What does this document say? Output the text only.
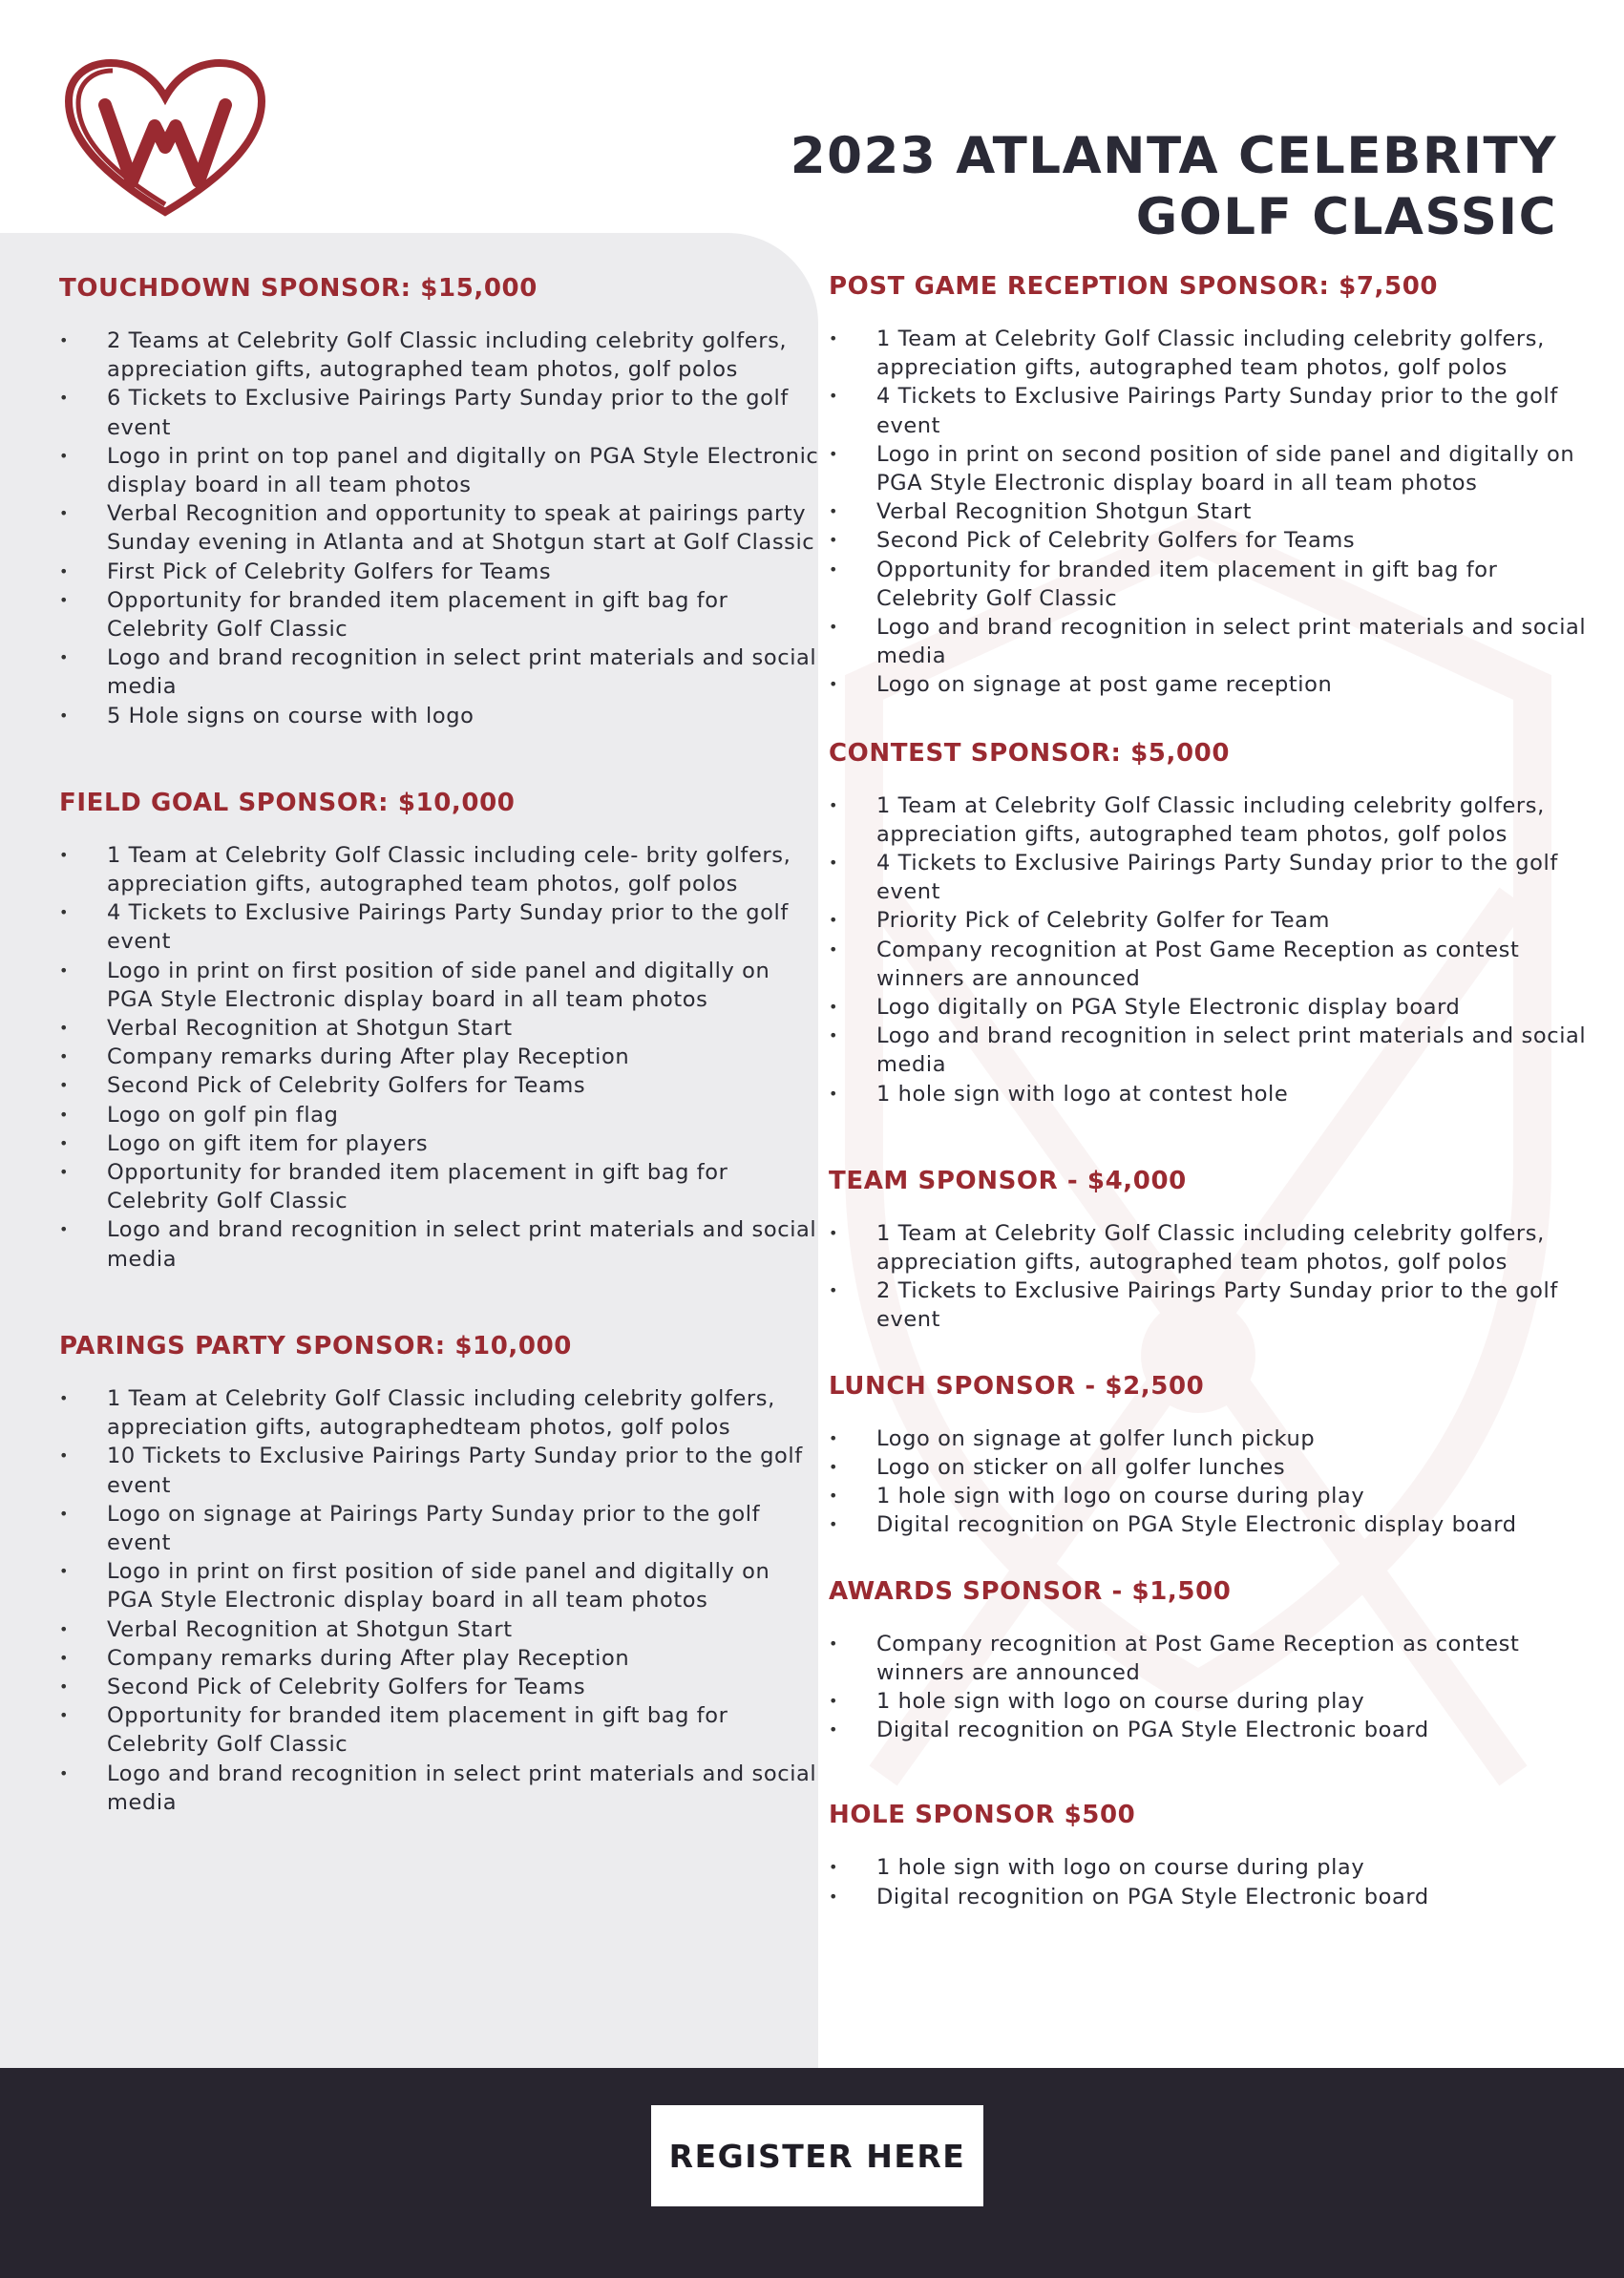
2023 ATLANTA CELEBRITY
GOLF CLASSIC
TOUCHDOWN SPONSOR: $15,000
• 2 Teams at Celebrity Golf Classic including celebrity golfers, appreciation gifts, autographed team photos, golf polos
• 6 Tickets to Exclusive Pairings Party Sunday prior to the golf event
• Logo in print on top panel and digitally on PGA Style Electronic display board in all team photos
• Verbal Recognition and opportunity to speak at pairings party Sunday evening in Atlanta and at Shotgun start at Golf Classic
• First Pick of Celebrity Golfers for Teams
• Opportunity for branded item placement in gift bag for Celebrity Golf Classic
• Logo and brand recognition in select print materials and social media
• 5 Hole signs on course with logo
FIELD GOAL SPONSOR: $10,000
• 1 Team at Celebrity Golf Classic including cele- brity golfers, appreciation gifts, autographed team photos, golf polos
• 4 Tickets to Exclusive Pairings Party Sunday prior to the golf event
• Logo in print on first position of side panel and digitally on PGA Style Electronic display board in all team photos
• Verbal Recognition at Shotgun Start
• Company remarks during After play Reception
• Second Pick of Celebrity Golfers for Teams
• Logo on golf pin flag
• Logo on gift item for players
• Opportunity for branded item placement in gift bag for Celebrity Golf Classic
• Logo and brand recognition in select print materials and social media
PARINGS PARTY SPONSOR: $10,000
• 1 Team at Celebrity Golf Classic including celebrity golfers, appreciation gifts, autographedteam photos, golf polos
• 10 Tickets to Exclusive Pairings Party Sunday prior to the golf event
• Logo on signage at Pairings Party Sunday prior to the golf event
• Logo in print on first position of side panel and digitally on PGA Style Electronic display board in all team photos
• Verbal Recognition at Shotgun Start
• Company remarks during After play Reception
• Second Pick of Celebrity Golfers for Teams
• Opportunity for branded item placement in gift bag for Celebrity Golf Classic
• Logo and brand recognition in select print materials and social media
POST GAME RECEPTION SPONSOR: $7,500
• 1 Team at Celebrity Golf Classic including celebrity golfers, appreciation gifts, autographed team photos, golf polos
• 4 Tickets to Exclusive Pairings Party Sunday prior to the golf event
• Logo in print on second position of side panel and digitally on PGA Style Electronic display board in all team photos
• Verbal Recognition Shotgun Start
• Second Pick of Celebrity Golfers for Teams
• Opportunity for branded item placement in gift bag for Celebrity Golf Classic
• Logo and brand recognition in select print materials and social media
• Logo on signage at post game reception
CONTEST SPONSOR: $5,000
• 1 Team at Celebrity Golf Classic including celebrity golfers, appreciation gifts, autographed team photos, golf polos
• 4 Tickets to Exclusive Pairings Party Sunday prior to the golf event
• Priority Pick of Celebrity Golfer for Team
• Company recognition at Post Game Reception as contest winners are announced
• Logo digitally on PGA Style Electronic display board
• Logo and brand recognition in select print materials and social media
• 1 hole sign with logo at contest hole
TEAM SPONSOR - $4,000
• 1 Team at Celebrity Golf Classic including celebrity golfers, appreciation gifts, autographed team photos, golf polos
• 2 Tickets to Exclusive Pairings Party Sunday prior to the golf event
LUNCH SPONSOR - $2,500
• Logo on signage at golfer lunch pickup
• Logo on sticker on all golfer lunches
• 1 hole sign with logo on course during play
• Digital recognition on PGA Style Electronic display board
AWARDS SPONSOR - $1,500
• Company recognition at Post Game Reception as contest winners are announced
• 1 hole sign with logo on course during play
• Digital recognition on PGA Style Electronic board
HOLE SPONSOR $500
• 1 hole sign with logo on course during play
• Digital recognition on PGA Style Electronic board
REGISTER HERE
